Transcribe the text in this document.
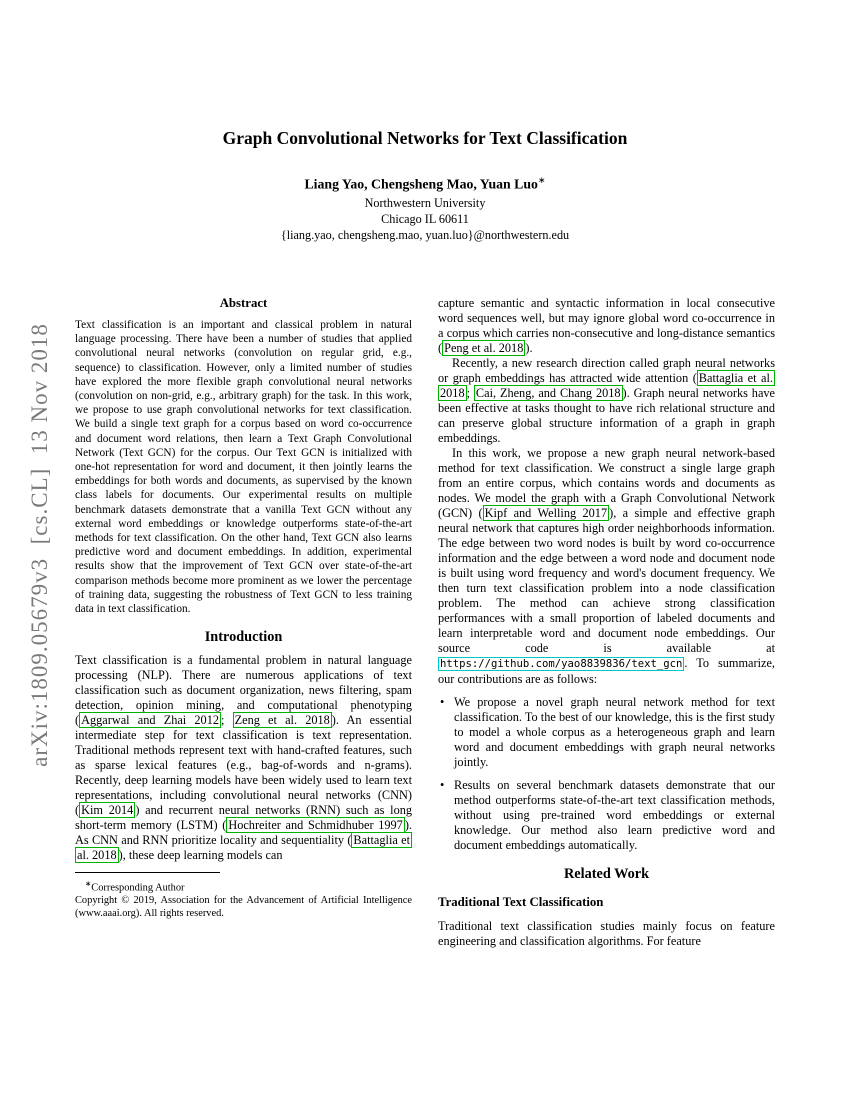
arXiv:1809.05679v3  [cs.CL]  13 Nov 2018
Graph Convolutional Networks for Text Classification
Liang Yao, Chengsheng Mao, Yuan Luo∗
Northwestern University
Chicago IL 60611
{liang.yao, chengsheng.mao, yuan.luo}@northwestern.edu
Abstract

Text classification is an important and classical problem in natural language processing. There have been a number of studies that applied convolutional neural networks (convolution on regular grid, e.g., sequence) to classification. However, only a limited number of studies have explored the more flexible graph convolutional neural networks (convolution on non-grid, e.g., arbitrary graph) for the task. In this work, we propose to use graph convolutional networks for text classification. We build a single text graph for a corpus based on word co-occurrence and document word relations, then learn a Text Graph Convolutional Network (Text GCN) for the corpus. Our Text GCN is initialized with one-hot representation for word and document, it then jointly learns the embeddings for both words and documents, as supervised by the known class labels for documents. Our experimental results on multiple benchmark datasets demonstrate that a vanilla Text GCN without any external word embeddings or knowledge outperforms state-of-the-art methods for text classification. On the other hand, Text GCN also learns predictive word and document embeddings. In addition, experimental results show that the improvement of Text GCN over state-of-the-art comparison methods become more prominent as we lower the percentage of training data, suggesting the robustness of Text GCN to less training data in text classification.

Introduction

Text classification is a fundamental problem in natural language processing (NLP). There are numerous applications of text classification such as document organization, news filtering, spam detection, opinion mining, and computational phenotyping ( Aggarwal and Zhai 2012 ; Zeng et al. 2018 ). An essential intermediate step for text classification is text representation. Traditional methods represent text with hand-crafted features, such as sparse lexical features (e.g., bag-of-words and n-grams). Recently, deep learning models have been widely used to learn text representations, including convolutional neural networks (CNN) ( Kim 2014 ) and recurrent neural networks (RNN) such as long short-term memory (LSTM) ( Hochreiter and Schmidhuber 1997 ). As CNN and RNN prioritize locality and sequentiality ( Battaglia et al. 2018 ), these deep learning models can

∗Corresponding Author

Copyright © 2019, Association for the Advancement of Artificial Intelligence (www.aaai.org). All rights reserved.

capture semantic and syntactic information in local consecutive word sequences well, but may ignore global word co-occurrence in a corpus which carries non-consecutive and long-distance semantics ( Peng et al. 2018 ).

Recently, a new research direction called graph neural networks or graph embeddings has attracted wide attention ( Battaglia et al. 2018 ; Cai, Zheng, and Chang 2018 ). Graph neural networks have been effective at tasks thought to have rich relational structure and can preserve global structure information of a graph in graph embeddings.

In this work, we propose a new graph neural network-based method for text classification. We construct a single large graph from an entire corpus, which contains words and documents as nodes. We model the graph with a Graph Convolutional Network (GCN) ( Kipf and Welling 2017 ), a simple and effective graph neural network that captures high order neighborhoods information. The edge between two word nodes is built by word co-occurrence information and the edge between a word node and document node is built using word frequency and word's document frequency. We then turn text classification problem into a node classification problem. The method can achieve strong classification performances with a small proportion of labeled documents and learn interpretable word and document node embeddings. Our source code is available at https://github.com/yao8839836/text_gcn . To summarize, our contributions are as follows:

• We propose a novel graph neural network method for text classification. To the best of our knowledge, this is the first study to model a whole corpus as a heterogeneous graph and learn word and document embeddings with graph neural networks jointly.
• Results on several benchmark datasets demonstrate that our method outperforms state-of-the-art text classification methods, without using pre-trained word embeddings or external knowledge. Our method also learn predictive word and document embeddings automatically.
Related Work
Traditional Text Classification

Traditional text classification studies mainly focus on feature engineering and classification algorithms. For feature
